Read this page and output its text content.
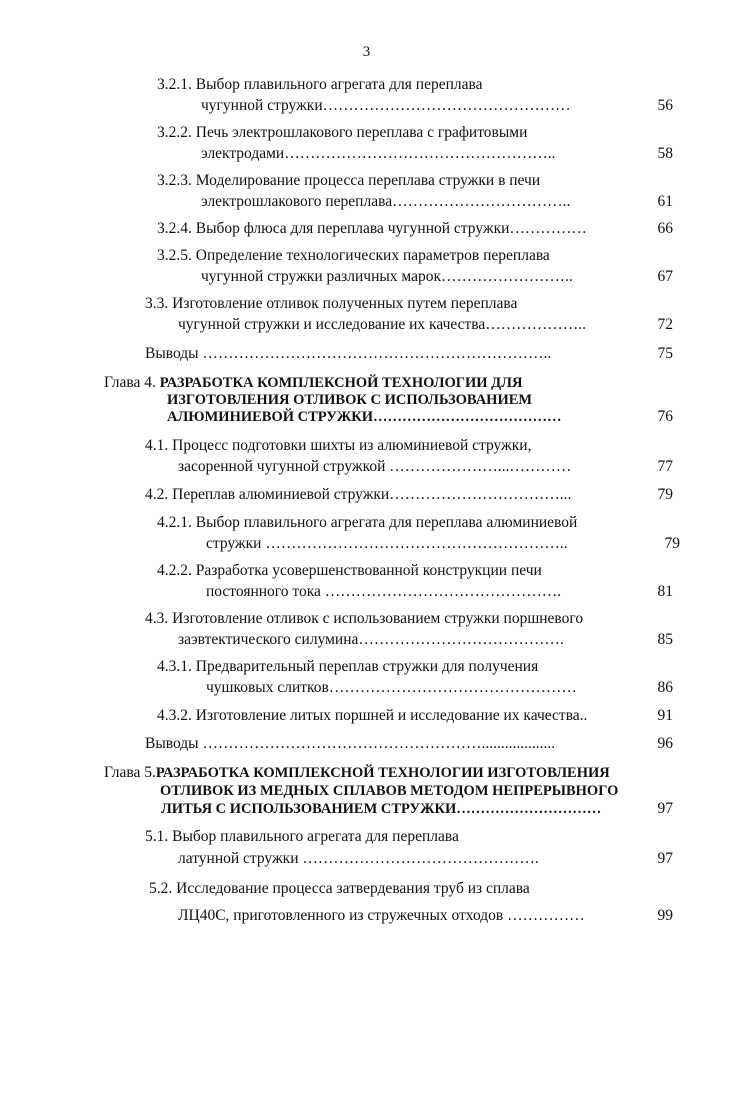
3
3.2.1. Выбор плавильного агрегата для переплава
чугунной стружки…………………………………………	56
3.2.2. Печь электрошлакового переплава с графитовыми
электродами……………………………………………..	58
3.2.3. Моделирование процесса переплава стружки в печи
электрошлакового переплава……………………………..	61
3.2.4. Выбор флюса для переплава чугунной стружки……………	66
3.2.5. Определение технологических параметров переплава
чугунной стружки различных марок……………………..	67
3.3. Изготовление отливок полученных путем переплава
чугунной стружки и исследование их качества………………..	72
Выводы …………………………………………………………..	75
Глава 4. РАЗРАБОТКА КОМПЛЕКСНОЙ ТЕХНОЛОГИИ ДЛЯ
ИЗГОТОВЛЕНИЯ ОТЛИВОК С ИСПОЛЬЗОВАНИЕМ
АЛЮМИНИЕВОЙ СТРУЖКИ…………………………………	76
4.1. Процесс подготовки шихты из алюминиевой стружки,
засоренной чугунной стружкой …………………...…………	77
4.2. Переплав алюминиевой стружки……………………………...	79
4.2.1. Выбор плавильного агрегата для переплава алюминиевой
стружки …………………………………………………..	79
4.2.2. Разработка усовершенствованной конструкции печи
постоянного тока ……………………………………….	81
4.3. Изготовление отливок с использованием стружки поршневого
заэвтектического силумина………………………………….	85
4.3.1. Предварительный переплав стружки для получения
чушковых слитков…………………………………………	86
4.3.2. Изготовление литых поршней и исследование их качества..	91
Выводы ………………………………………………...................	96
Глава 5.РАЗРАБОТКА КОМПЛЕКСНОЙ ТЕХНОЛОГИИ ИЗГОТОВЛЕНИЯ
ОТЛИВОК ИЗ МЕДНЫХ СПЛАВОВ МЕТОДОМ НЕПРЕРЫВНОГО
ЛИТЬЯ С ИСПОЛЬЗОВАНИЕМ СТРУЖКИ…………………………	97
5.1. Выбор плавильного агрегата для переплава
латунной стружки ……………………………………….	97
5.2. Исследование процесса затвердевания труб из сплава
ЛЦ40С, приготовленного из стружечных отходов ……………	99
